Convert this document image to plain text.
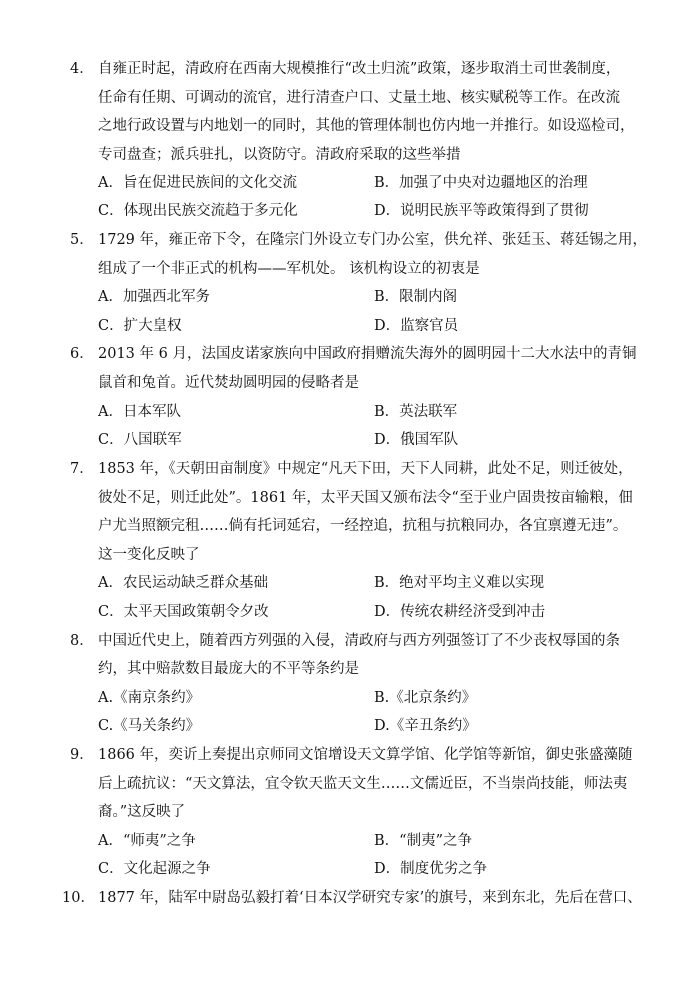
4． 自雍正时起，清政府在西南大规模推行“改土归流”政策，逐步取消土司世袭制度，
任命有任期、可调动的流官，进行清查户口、丈量土地、核实赋税等工作。在改流
之地行政设置与内地划一的同时，其他的管理体制也仿内地一并推行。如设巡检司，
专司盘查；派兵驻扎，以资防守。清政府采取的这些举措
A．旨在促进民族间的文化交流	B．加强了中央对边疆地区的治理
C．体现出民族交流趋于多元化	D．说明民族平等政策得到了贯彻
5． 1729 年，雍正帝下令，在隆宗门外设立专门办公室，供允祥、张廷玉、蒋廷锡之用，
组成了一个非正式的机构——军机处。 该机构设立的初衷是
A．加强西北军务	B．限制内阁
C．扩大皇权	D．监察官员
6． 2013 年 6 月，法国皮诺家族向中国政府捐赠流失海外的圆明园十二大水法中的青铜
鼠首和兔首。近代焚劫圆明园的侵略者是
A．日本军队	B．英法联军
C．八国联军	D．俄国军队
7． 1853 年，《天朝田亩制度》中规定“凡天下田，天下人同耕，此处不足，则迁彼处，
彼处不足，则迁此处”。1861 年，太平天国又颁布法令“至于业户固贵按亩输粮，佃
户尤当照额完租……倘有托词延宕，一经控追，抗租与抗粮同办，各宜禀遵无违”。
这一变化反映了
A．农民运动缺乏群众基础	B．绝对平均主义难以实现
C．太平天国政策朝令夕改	D．传统农耕经济受到冲击
8． 中国近代史上，随着西方列强的入侵，清政府与西方列强签订了不少丧权辱国的条
约，其中赔款数目最庞大的不平等条约是
A.《南京条约》	B.《北京条约》
C.《马关条约》	D.《辛丑条约》
9． 1866 年，奕䜣上奏提出京师同文馆增设天文算学馆、化学馆等新馆，御史张盛藻随
后上疏抗议：“天文算法，宜令钦天监天文生……文儒近臣，不当崇尚技能，师法夷
裔。”这反映了
A．“师夷”之争	B．“制夷”之争
C．文化起源之争	D．制度优劣之争
10． 1877 年，陆军中尉岛弘毅打着‘日本汉学研究专家’的旗号，来到东北，先后在营口、
